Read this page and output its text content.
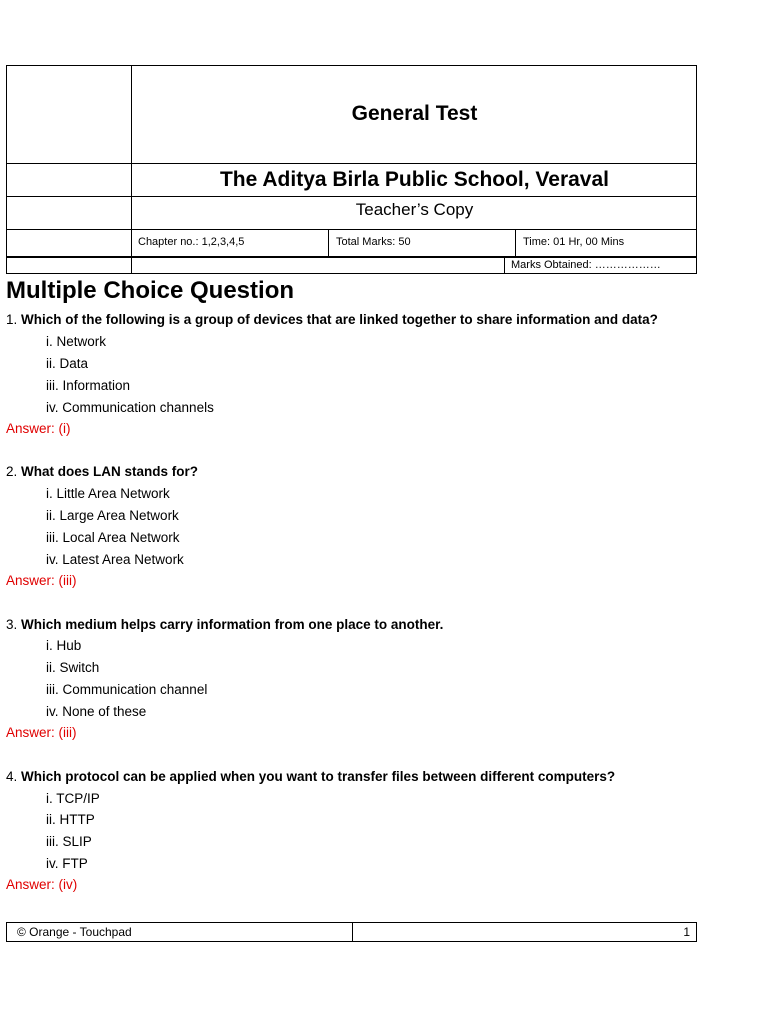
General Test
The Aditya Birla Public School, Veraval
Teacher’s Copy
Chapter no.: 1,2,3,4,5	Total Marks: 50	Time: 01 Hr, 00 Mins
Marks Obtained: ………………
Multiple Choice Question
1. Which of the following is a group of devices that are linked together to share information and data?
i. Network
ii. Data
iii. Information
iv. Communication channels
Answer: (i)
2. What does LAN stands for?
i. Little Area Network
ii. Large Area Network
iii. Local Area Network
iv. Latest Area Network
Answer: (iii)
3. Which medium helps carry information from one place to another.
i. Hub
ii. Switch
iii. Communication channel
iv. None of these
Answer: (iii)
4. Which protocol can be applied when you want to transfer files between different computers?
i. TCP/IP
ii. HTTP
iii. SLIP
iv. FTP
Answer: (iv)
© Orange - Touchpad	1
